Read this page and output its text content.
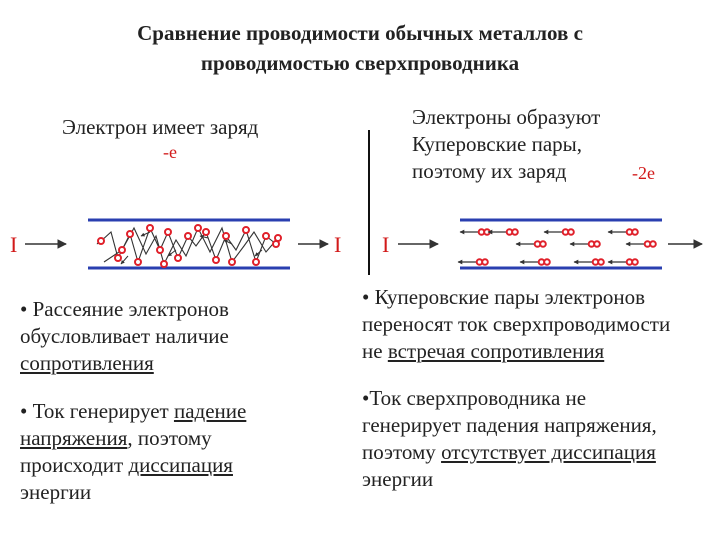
Сравнение проводимости обычных металлов с
проводимостью сверхпроводника
Электрон имеет заряд
-e
Электроны образуют
Куперовские пары,
поэтому их заряд	-2e
I	I I
• Рассеяние электронов
обусловливает наличие
сопротивления
• Ток генерирует падение
напряжения, поэтому
происходит диссипация
энергии
• Куперовские пары электронов
переносят ток сверхпроводимости
не встречая сопротивления
•Ток сверхпроводника не
генерирует падения напряжения,
поэтому отсутствует диссипация
энергии
